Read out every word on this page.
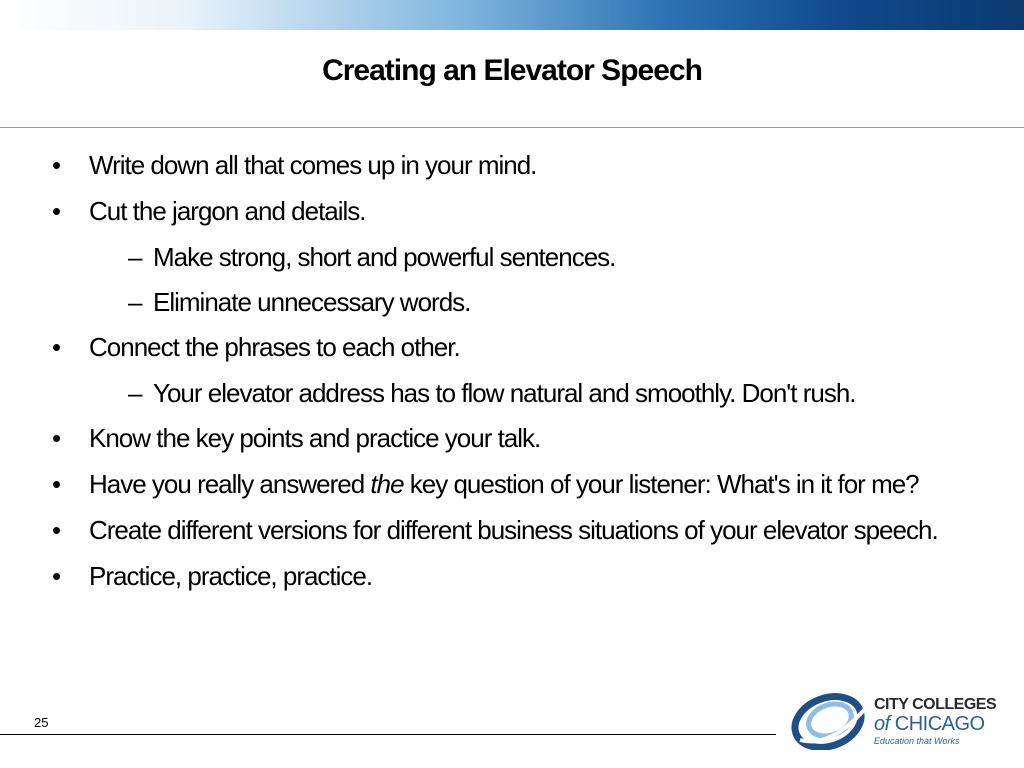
Creating an Elevator Speech

• Write down all that comes up in your mind.

• Cut the jargon and details.

– Make strong, short and powerful sentences.

– Eliminate unnecessary words.

• Connect the phrases to each other.

– Your elevator address has to flow natural and smoothly. Don't rush.

• Know the key points and practice your talk.

• Have you really answered the key question of your listener: What's in it for me?

• Create different versions for different business situations of your elevator speech.

• Practice, practice, practice.

25
CITY COLLEGES
of CHICAGO
Education that Works
